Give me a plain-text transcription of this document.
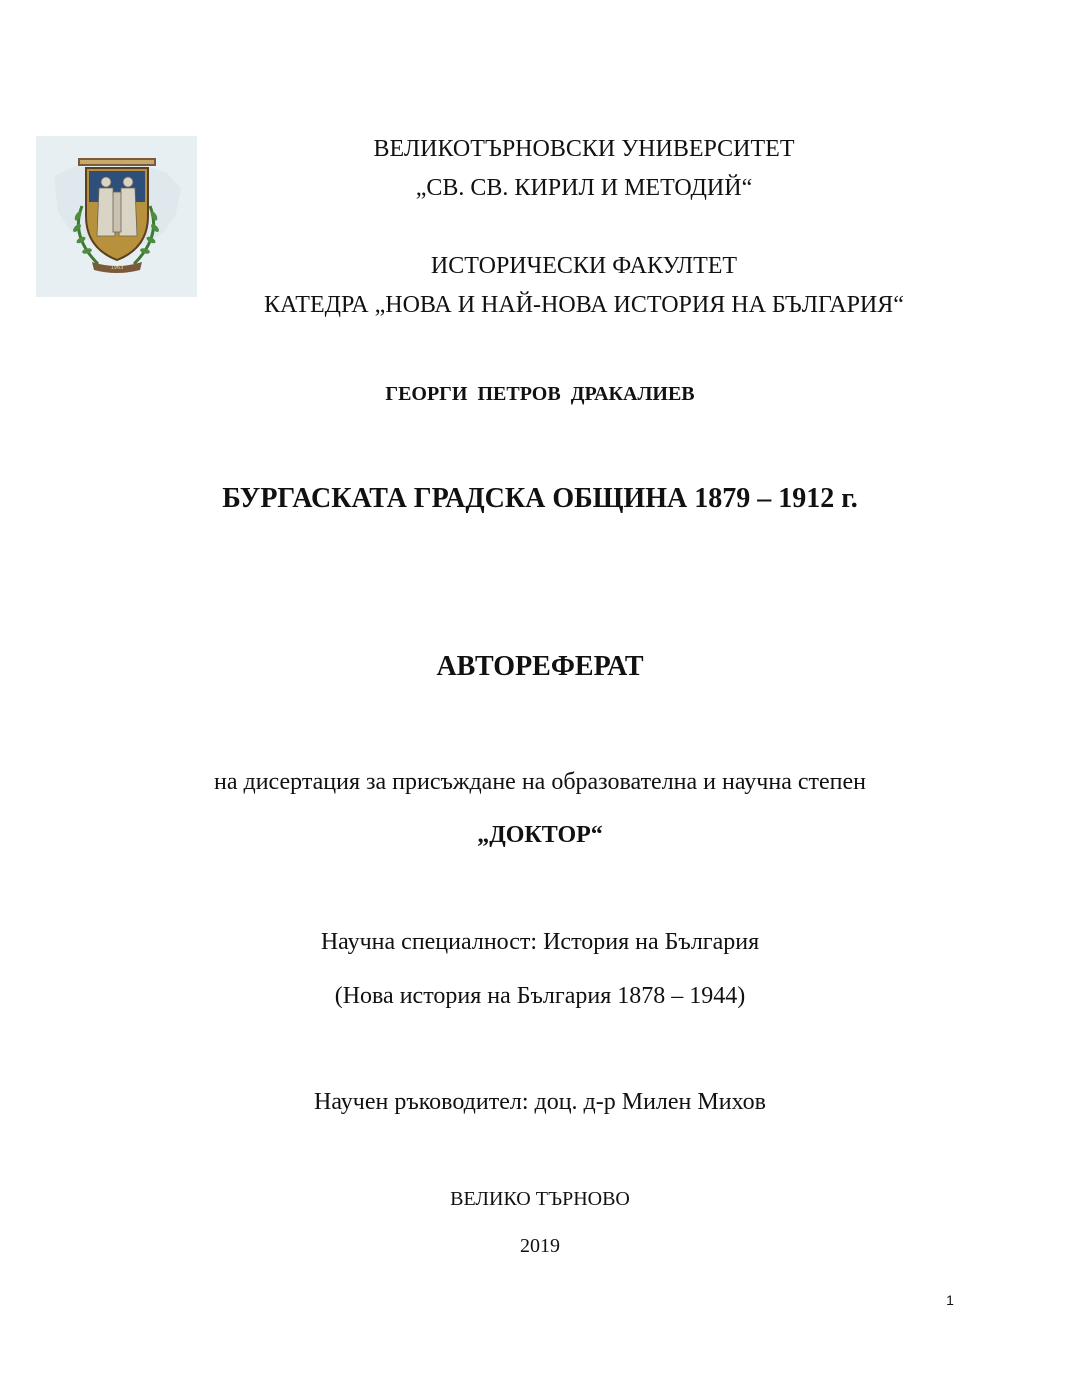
1963
ВЕЛИКОТЪРНОВСКИ УНИВЕРСИТЕТ
„СВ. СВ. КИРИЛ И МЕТОДИЙ“
ИСТОРИЧЕСКИ ФАКУЛТЕТ
КАТЕДРА „НОВА И НАЙ-НОВА ИСТОРИЯ НА БЪЛГАРИЯ“
ГЕОРГИ  ПЕТРОВ  ДРАКАЛИЕВ
БУРГАСКАТА ГРАДСКА ОБЩИНА 1879 – 1912 г.
АВТОРЕФЕРАТ
на дисертация за присъждане на образователна и научна степен
„ДОКТОР“
Научна специалност: История на България
(Нова история на България 1878 – 1944)
Научен ръководител: доц. д-р Милен Михов
ВЕЛИКО ТЪРНОВО
2019
1
